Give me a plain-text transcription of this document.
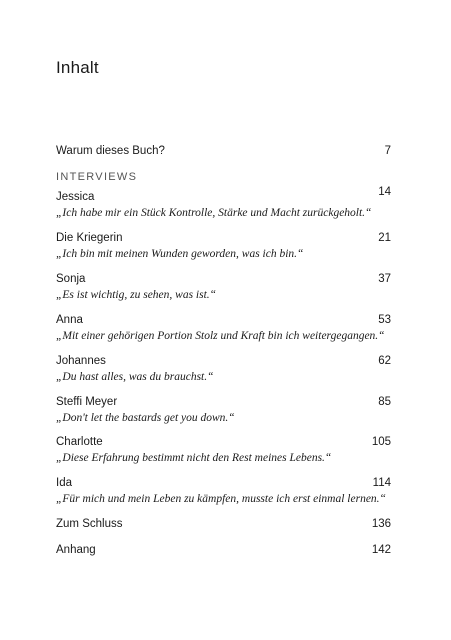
Inhalt
7
Warum dieses Buch?
INTERVIEWS
14
Jessica
„Ich habe mir ein Stück Kontrolle, Stärke und Macht zurückgeholt.“
21
Die Kriegerin
„Ich bin mit meinen Wunden geworden, was ich bin.“
37
Sonja
„Es ist wichtig, zu sehen, was ist.“
53
Anna
„Mit einer gehörigen Portion Stolz und Kraft bin ich weitergegangen.“
62
Johannes
„Du hast alles, was du brauchst.“
85
Steffi Meyer
„Don't let the bastards get you down.“
105
Charlotte
„Diese Erfahrung bestimmt nicht den Rest meines Lebens.“
114
Ida
„Für mich und mein Leben zu kämpfen, musste ich erst einmal lernen.“
136
Zum Schluss
142
Anhang
